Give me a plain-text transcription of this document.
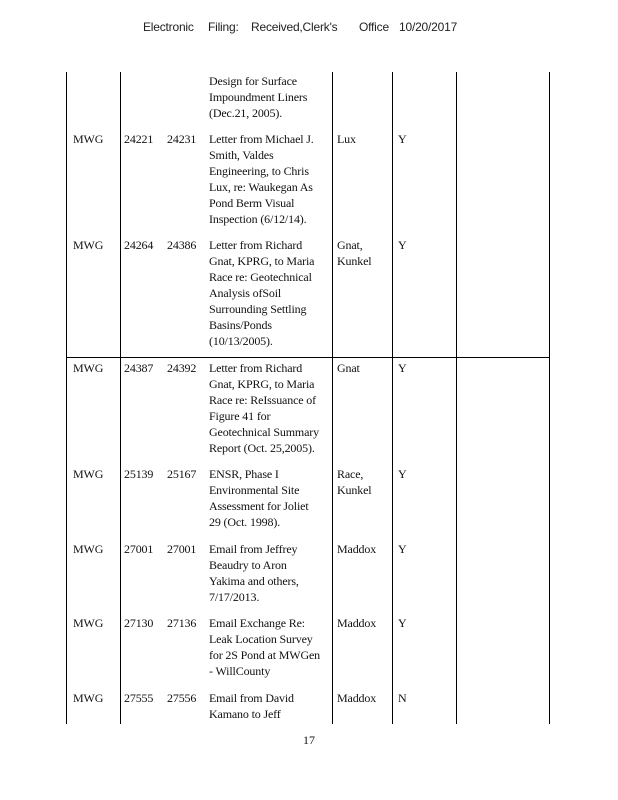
Electronic Filing: Received,Clerk's Office 10/20/2017
Design for Surface
Impoundment Liners
(Dec.21, 2005).
MWG 24221 24231 Letter from Michael J.
Smith, Valdes
Engineering, to Chris
Lux, re: Waukegan As
Pond Berm Visual
Inspection (6/12/14).
Lux	Y
MWG 24264 24386 Letter from Richard
Gnat, KPRG, to Maria
Race re: Geotechnical
Analysis ofSoil
Surrounding Settling
Basins/Ponds
(10/13/2005).
Gnat,
Kunkel
Y
MWG 24387 24392 Letter from Richard
Gnat, KPRG, to Maria
Race re: ReIssuance of
Figure 41 for
Geotechnical Summary
Report (Oct. 25,2005).
Gnat	Y
MWG 25139 25167 ENSR, Phase I
Environmental Site
Assessment for Joliet
29 (Oct. 1998).
Race,
Kunkel
Y
MWG 27001 27001 Email from Jeffrey
Beaudry to Aron
Yakima and others,
7/17/2013.
Maddox Y
MWG 27130 27136 Email Exchange Re:
Leak Location Survey
for 2S Pond at MWGen
- WillCounty
Maddox Y
MWG 27555 27556 Email from David
Kamano to Jeff
Maddox N
17
